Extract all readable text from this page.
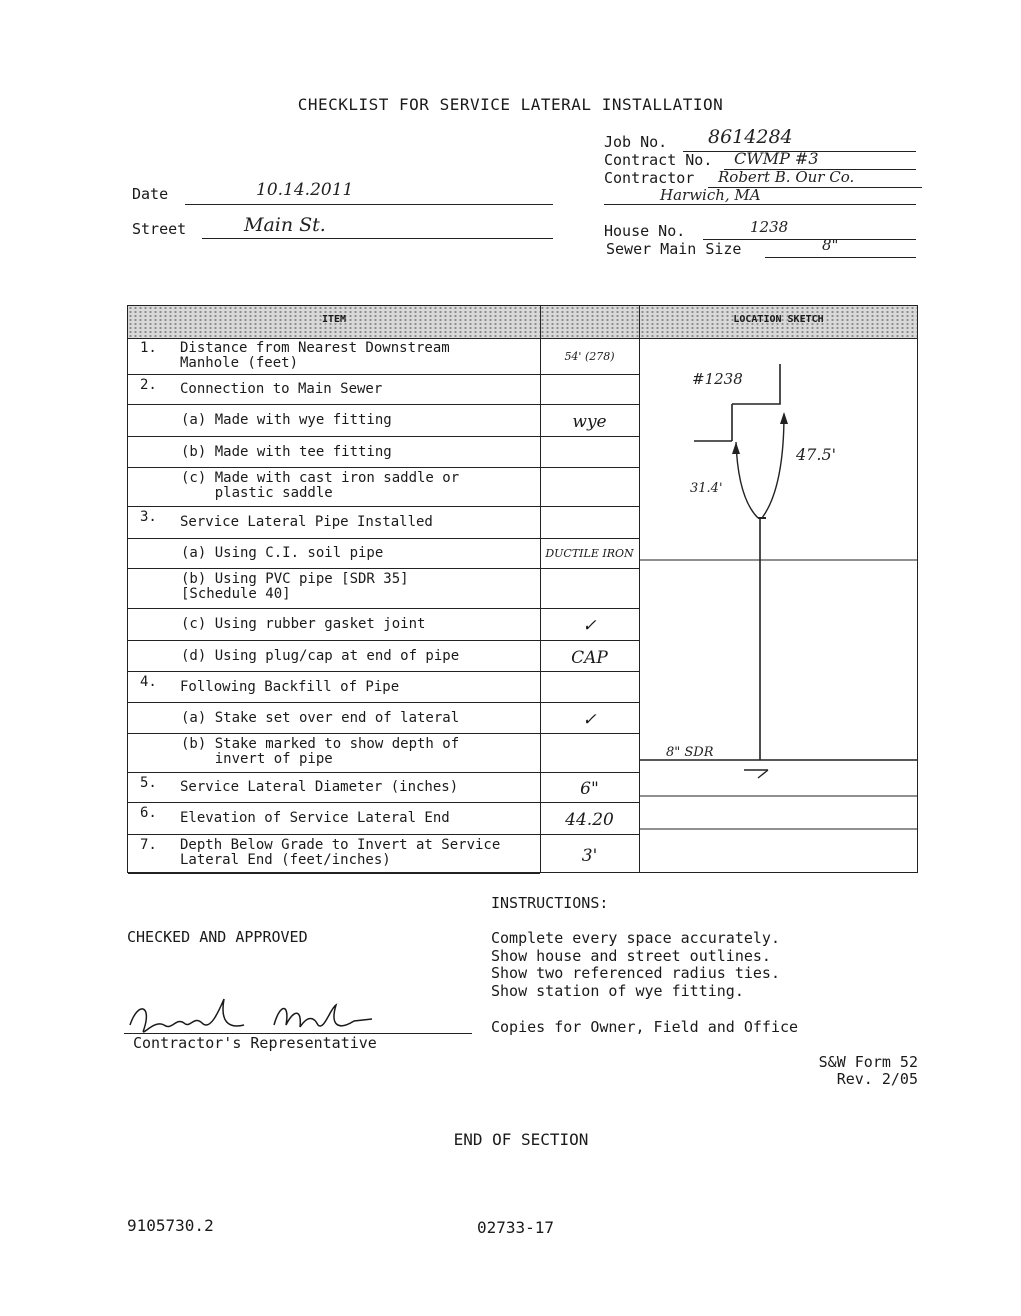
CHECKLIST FOR SERVICE LATERAL INSTALLATION
Job No. 8614284
Contract No. CWMP #3
Contractor Robert B. Our Co.
Harwich, MA
House No.	1238
Sewer Main Size	8"
Date	10.14.2011
Street	Main St.
ITEM	LOCATION SKETCH
1. Distance from Nearest Downstream
Manhole (feet)	54' (278)
2. Connection to Main Sewer
(a) Made with wye fitting	wye
(b) Made with tee fitting
(c) Made with cast iron saddle or
plastic saddle
3. Service Lateral Pipe Installed
(a) Using C.I. soil pipe	DUCTILE IRON
(b) Using PVC pipe [SDR 35]
[Schedule 40]
(c) Using rubber gasket joint	✓
(d) Using plug/cap at end of pipe	CAP
4. Following Backfill of Pipe
(a) Stake set over end of lateral	✓
(b) Stake marked to show depth of
invert of pipe
5. Service Lateral Diameter (inches)	6"
6. Elevation of Service Lateral End	44.20
7. Depth Below Grade to Invert at Service
Lateral End (feet/inches)	3'
#1238
47.5'
31.4'
8" SDR
CHECKED AND APPROVED
Contractor's Representative
INSTRUCTIONS:
Complete every space accurately.
Show house and street outlines.
Show two referenced radius ties.
Show station of wye fitting.
Copies for Owner, Field and Office
S&W Form 52
Rev. 2/05
END OF SECTION
9105730.2	02733-17
